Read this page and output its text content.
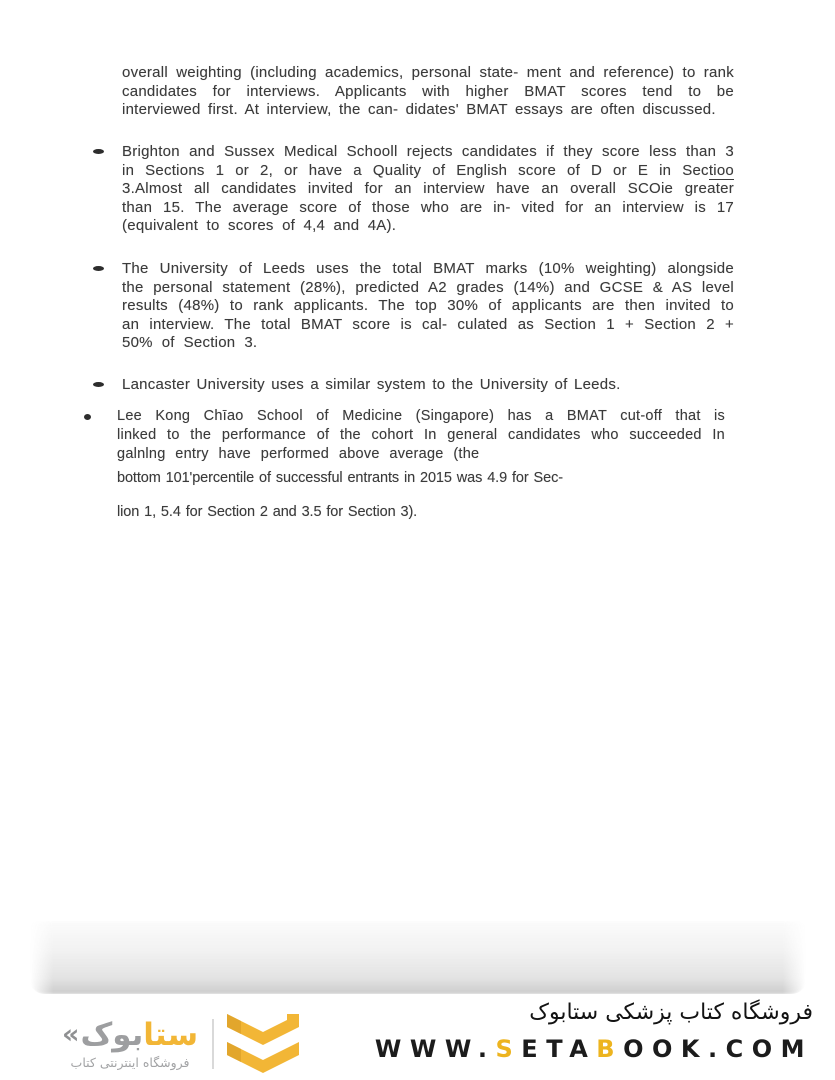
overall weighting (including academics, personal state- ment and reference) to rank candidates for interviews. Applicants with higher BMAT scores tend to be interviewed first. At interview, the can- didates' BMAT essays are often discussed.

Brighton and Sussex Medical Schooll rejects candidates if they score less than 3 in Sections 1 or 2, or have a Quality of English score of D or E in Sectioo 3.Almost all candidates invited for an interview have an overall SCOie greater than 15. The average score of those who are in- vited for an interview is 17 (equivalent to scores of 4,4 and 4A).

The University of Leeds uses the total BMAT marks (10% weighting) alongside the personal statement (28%), predicted A2 grades (14%) and GCSE & AS level results (48%) to rank applicants. The top 30% of applicants are then invited to an interview. The total BMAT score is cal- culated as Section 1 + Section 2 + 50% of Section 3.

Lancaster University uses a similar system to the University of Leeds.

Lee Kong Chīao School of Medicine (Singapore) has a BMAT cut-off that is linked to the performance of the cohort In general candidates who succeeded In galnlng entry have performed above average (the

bottom 101'percentile of successful entrants in 2015 was 4.9 for Sec-
lion 1, 5.4 for Section 2 and 3.5 for Section 3).
« بوک ستا
فروشگاه اینترنتی کتاب
فروشگاه کتاب پزشکی ستابوک
WWW.SETABOOK.COM
